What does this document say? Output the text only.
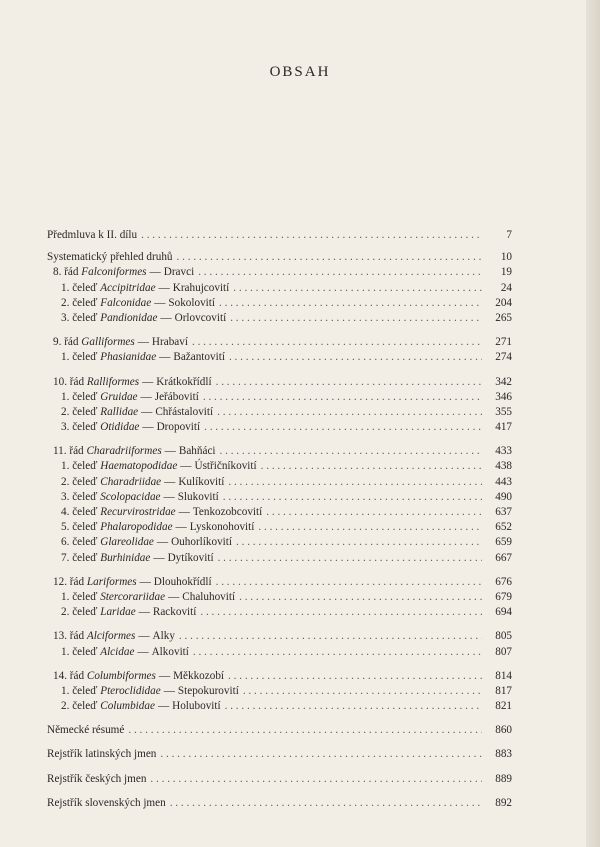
OBSAH
Předmluva k II. dílu . . .	7
Systematický přehled druhů . . .	10
8. řád Falconiformes — Dravci . . .	19
1. čeleď Accipitridae — Krahujcovití . . .	24
2. čeleď Falconidae — Sokolovití . . .	204
3. čeleď Pandionidae — Orlovcovití . . .	265
9. řád Galliformes — Hrabaví . . .	271
1. čeleď Phasianidae — Bažantovití . . .	274
10. řád Ralliformes — Krátkokřídlí . . .	342
1. čeleď Gruidae — Jeřábovití . . .	346
2. čeleď Rallidae — Chřástalovití . . .	355
3. čeleď Otididae — Dropovití . . .	417
11. řád Charadriiformes — Bahňáci . . .	433
1. čeleď Haematopodidae — Ústřičníkovití . . .	438
2. čeleď Charadriidae — Kulíkovití . . .	443
3. čeleď Scolopacidae — Slukovití . . .	490
4. čeleď Recurvirostridae — Tenkozobcovití . . .	637
5. čeleď Phalaropodidae — Lyskonohovití . . .	652
6. čeleď Glareolidae — Ouhorlíkovití . . .	659
7. čeleď Burhinidae — Dytíkovití . . .	667
12. řád Lariformes — Dlouhokřídlí . . .	676
1. čeleď Stercorariidae — Chaluhovití . . .	679
2. čeleď Laridae — Rackovití . . .	694
13. řád Alciformes — Alky . . .	805
1. čeleď Alcidae — Alkovití . . .	807
14. řád Columbiformes — Měkkozobí . . .	814
1. čeleď Pteroclididae — Stepokurovití . . .	817
2. čeleď Columbidae — Holubovití . . .	821
Německé résumé . . .	860
Rejstřík latinských jmen . . .	883
Rejstřík českých jmen . . .	889
Rejstřík slovenských jmen . . .	892
